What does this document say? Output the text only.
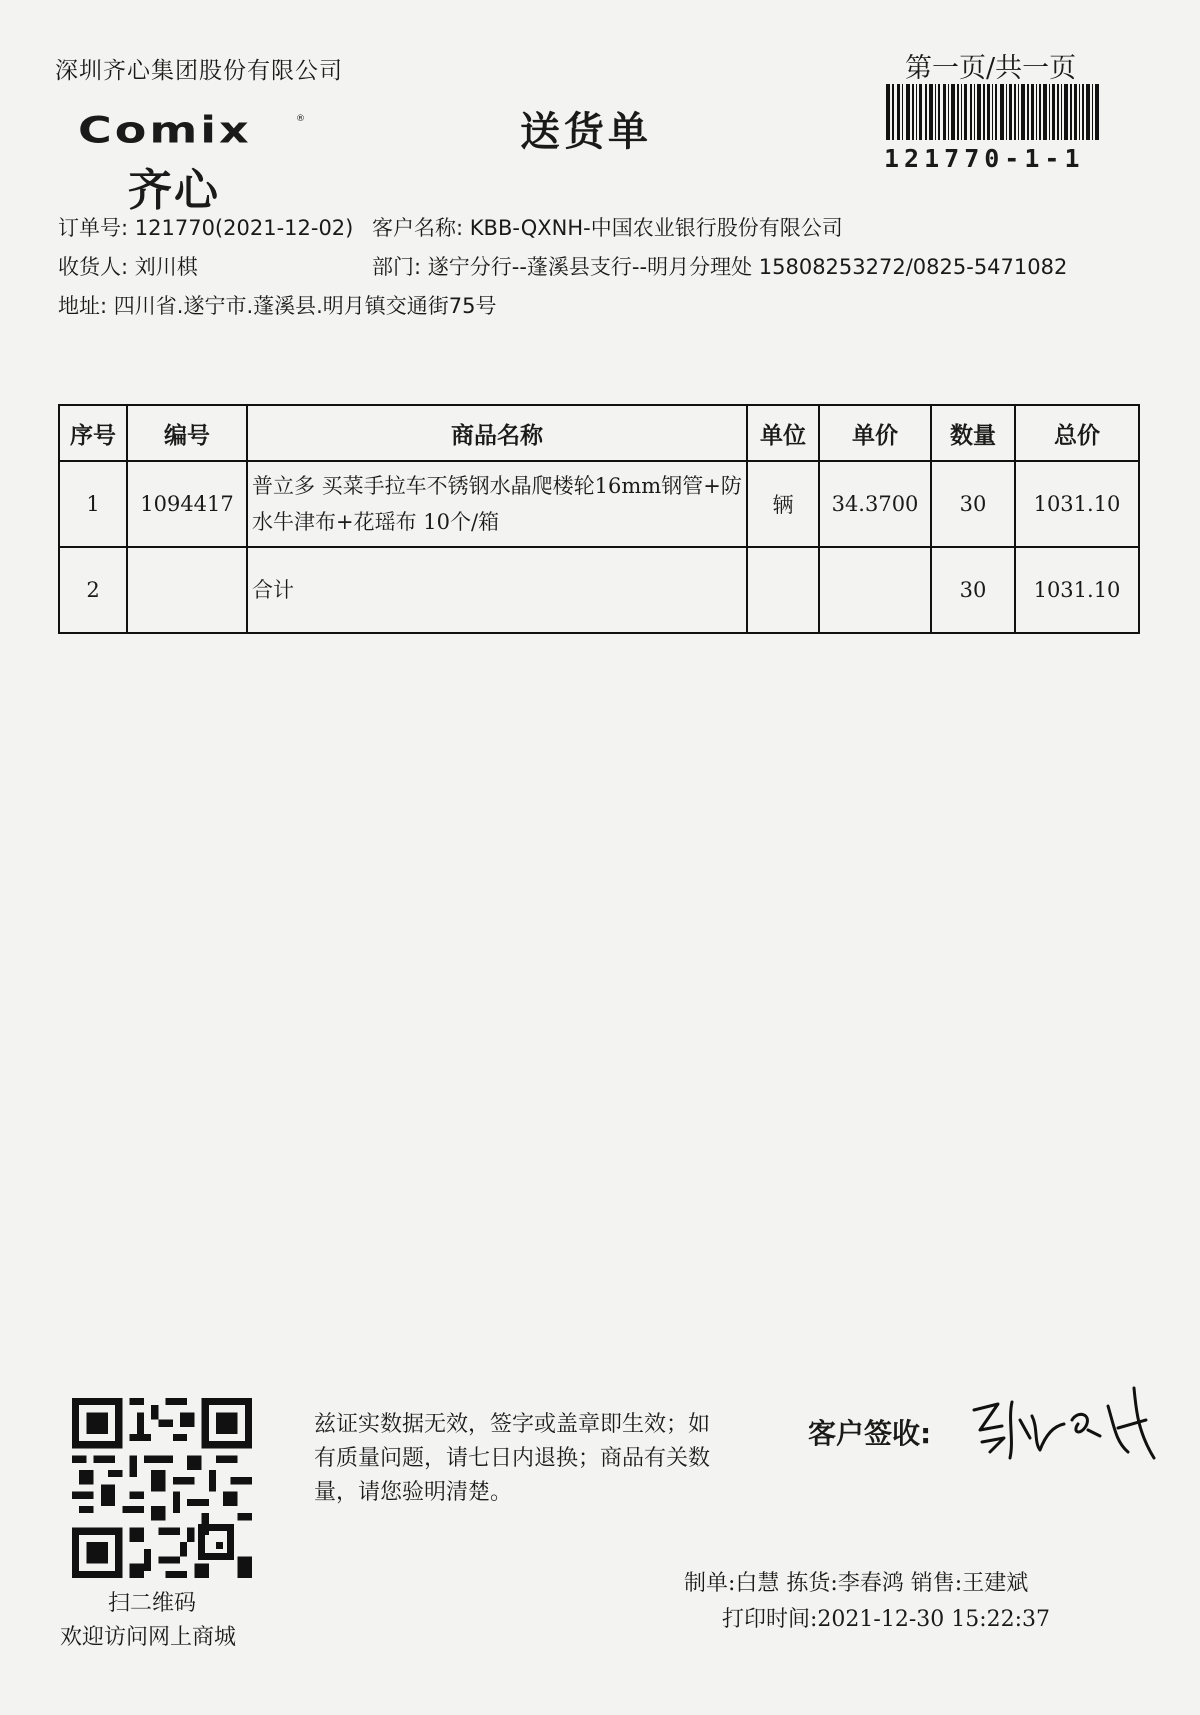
深圳齐心集团股份有限公司	第一页/共一页
Comix	®
齐心
送货单
121770-1-1
订单号: 121770(2021-12-02) 客户名称: KBB-QXNH-中国农业银行股份有限公司
收货人: 刘川棋	部门: 遂宁分行--蓬溪县支行--明月分理处 15808253272/0825-5471082
地址: 四川省.遂宁市.蓬溪县.明月镇交通街75号
序号	编号	商品名称	单位	单价	数量	总价
1	1094417	普立多 买菜手拉车不锈钢水晶爬楼轮16mm钢管+防水牛津布+花瑶布 10个/箱	辆	34.3700	30	1031.10
2		合计			30	1031.10
扫二维码
欢迎访问网上商城
兹证实数据无效，签字或盖章即生效；如有质量问题，请七日内退换；商品有关数量，请您验明清楚。
客户签收:
制单:白慧 拣货:李春鸿 销售:王建斌
打印时间:2021-12-30 15:22:37
